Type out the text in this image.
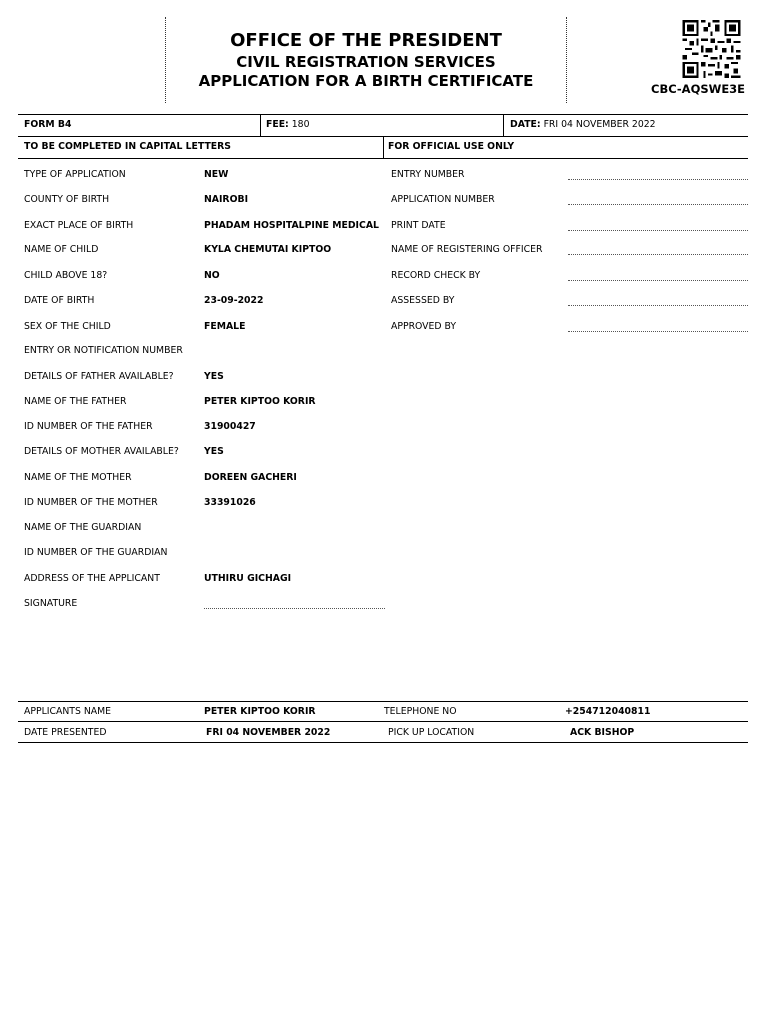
OFFICE OF THE PRESIDENT
CIVIL REGISTRATION SERVICES
APPLICATION FOR A BIRTH CERTIFICATE	CBC-AQSWE3E
FORM B4	FEE: 180	DATE: FRI 04 NOVEMBER 2022
TO BE COMPLETED IN CAPITAL LETTERS	FOR OFFICIAL USE ONLY
TYPE OF APPLICATION	NEW
COUNTY OF BIRTH	NAIROBI
EXACT PLACE OF BIRTH	PHADAM HOSPITALPINE MEDICAL
NAME OF CHILD	KYLA CHEMUTAI KIPTOO
CHILD ABOVE 18?	NO
DATE OF BIRTH	23-09-2022
SEX OF THE CHILD	FEMALE
ENTRY OR NOTIFICATION NUMBER
DETAILS OF FATHER AVAILABLE?	YES
NAME OF THE FATHER	PETER KIPTOO KORIR
ID NUMBER OF THE FATHER	31900427
DETAILS OF MOTHER AVAILABLE?	YES
NAME OF THE MOTHER	DOREEN GACHERI
ID NUMBER OF THE MOTHER	33391026
NAME OF THE GUARDIAN
ID NUMBER OF THE GUARDIAN
ADDRESS OF THE APPLICANT	UTHIRU GICHAGI
SIGNATURE
ENTRY NUMBER
APPLICATION NUMBER
PRINT DATE
NAME OF REGISTERING OFFICER
RECORD CHECK BY
ASSESSED BY
APPROVED BY
APPLICANTS NAME	PETER KIPTOO KORIR	TELEPHONE NO	+254712040811
DATE PRESENTED	FRI 04 NOVEMBER 2022	PICK UP LOCATION	ACK BISHOP
